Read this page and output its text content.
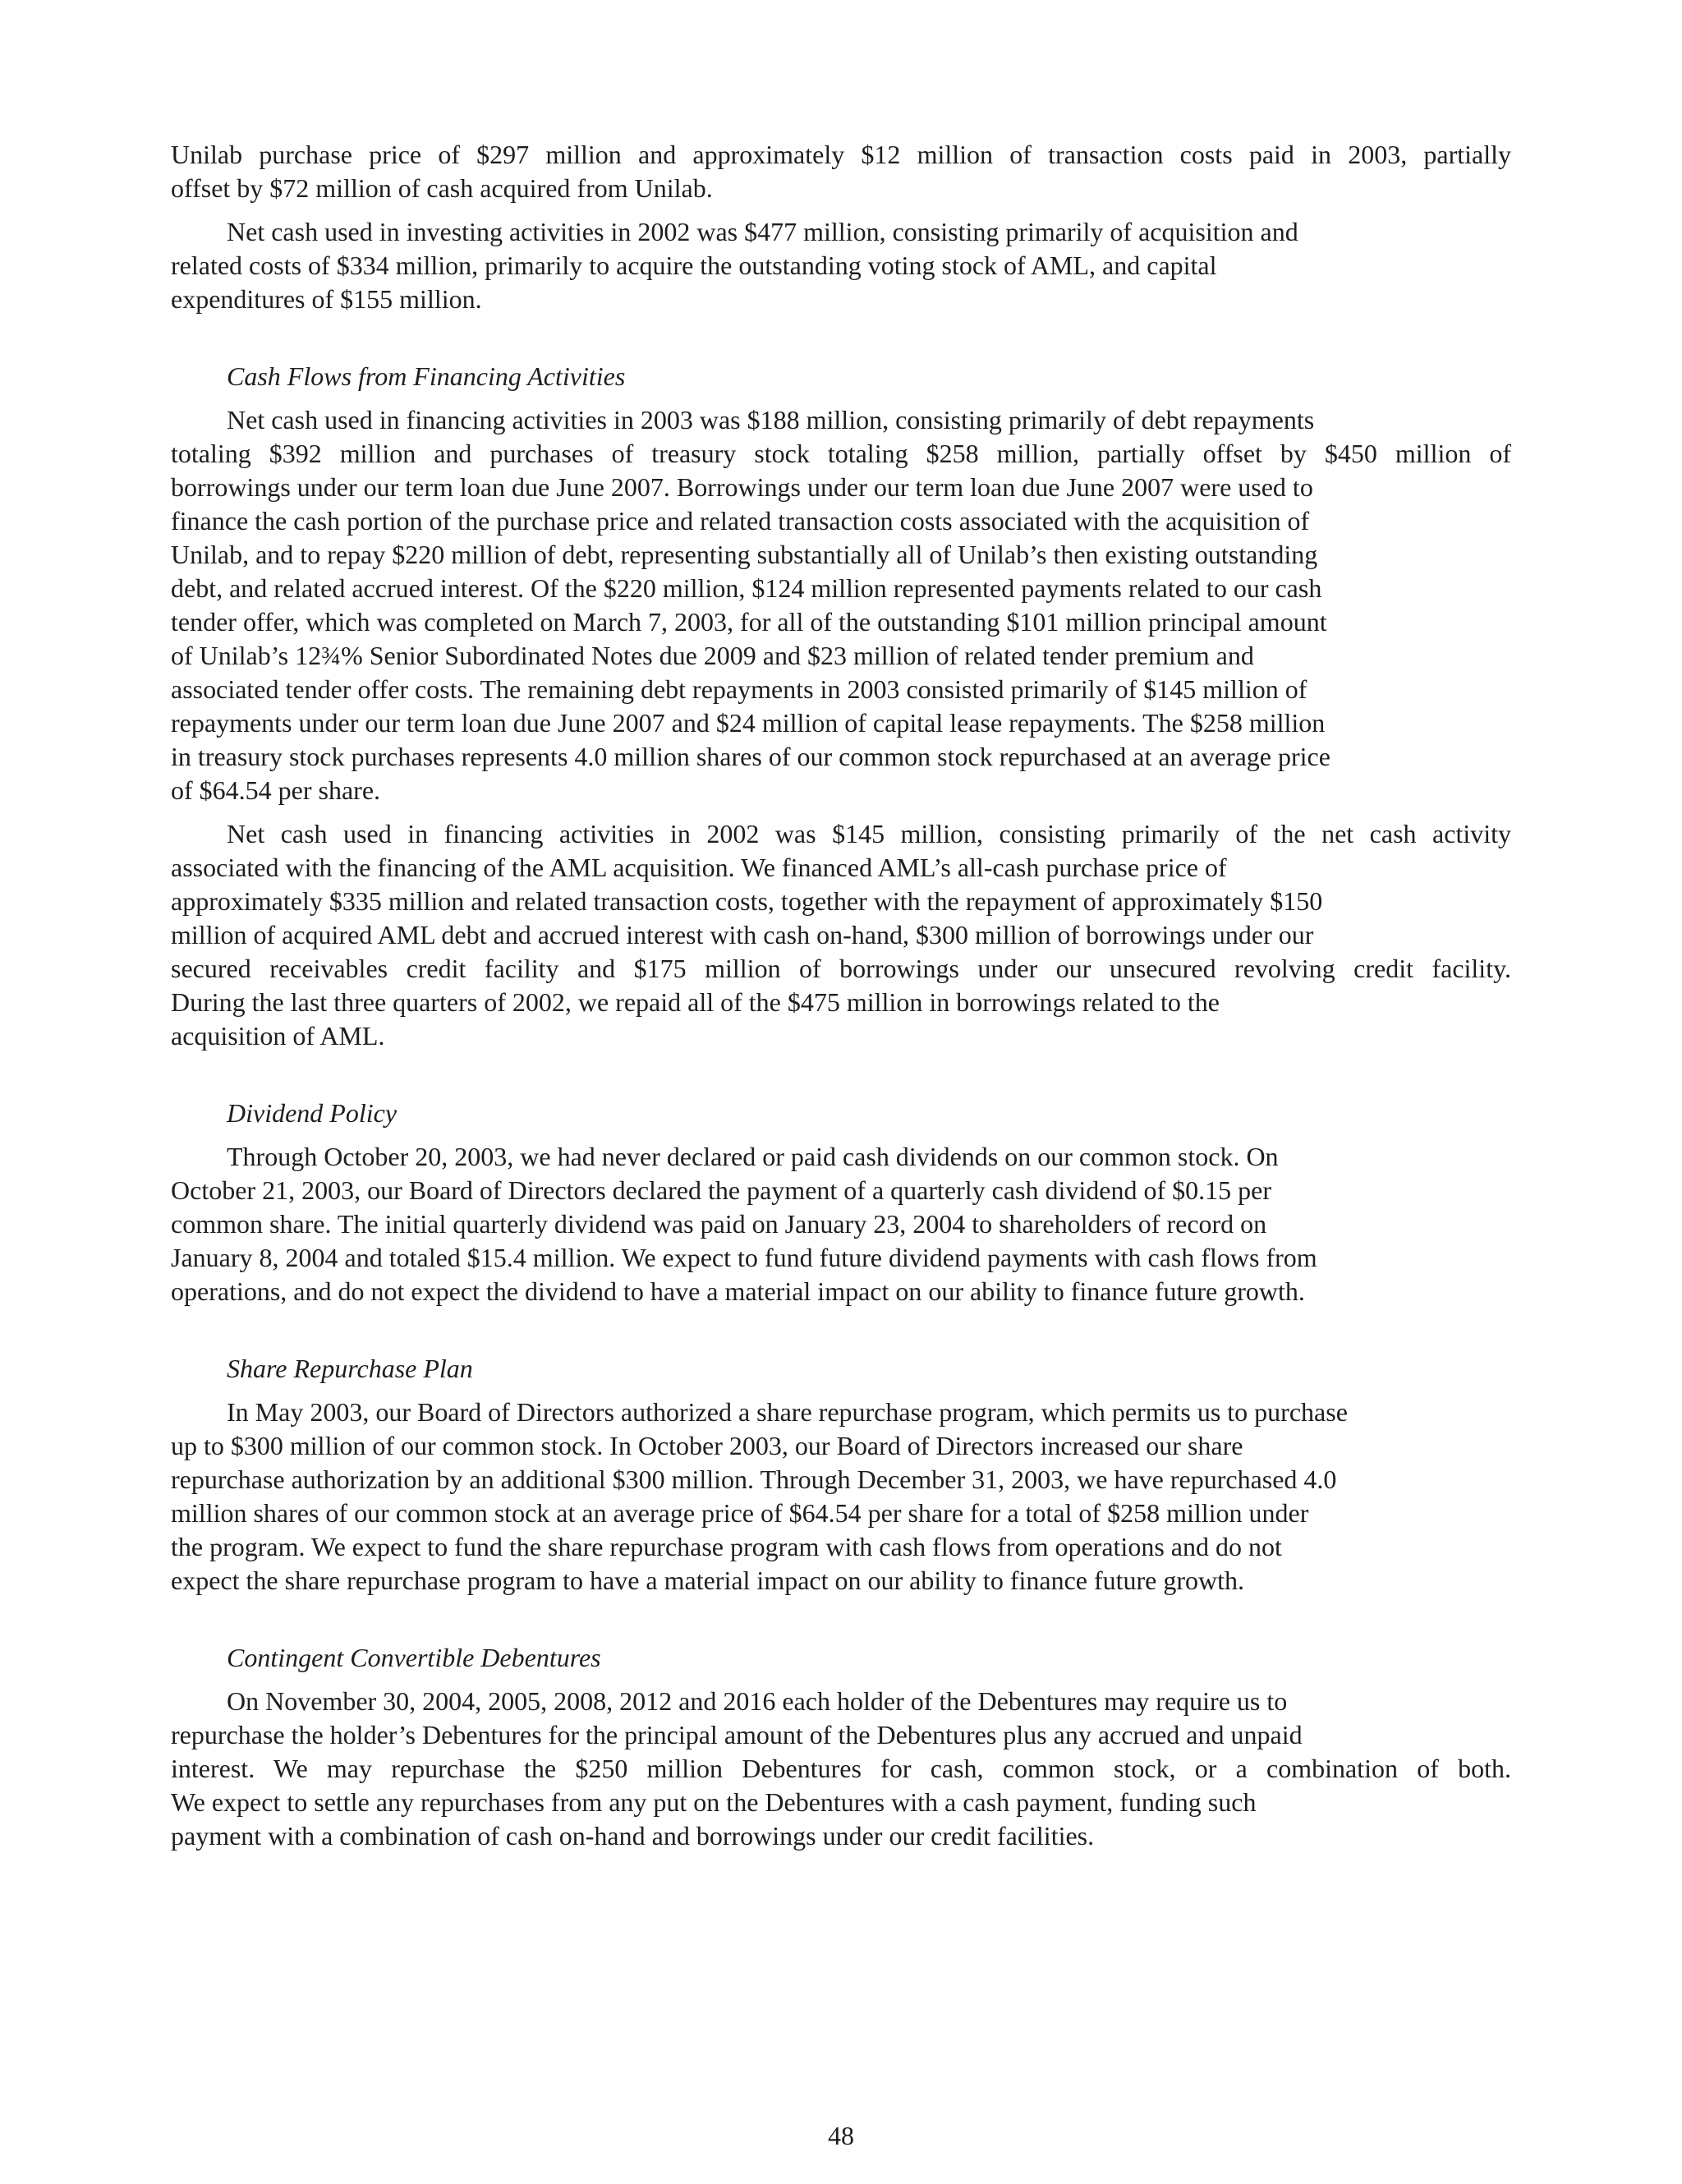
Unilab purchase price of $297 million and approximately $12 million of transaction costs paid in 2003, partially
offset by $72 million of cash acquired from Unilab.
Net cash used in investing activities in 2002 was $477 million, consisting primarily of acquisition and
related costs of $334 million, primarily to acquire the outstanding voting stock of AML, and capital
expenditures of $155 million.
Cash Flows from Financing Activities
Net cash used in financing activities in 2003 was $188 million, consisting primarily of debt repayments
totaling $392 million and purchases of treasury stock totaling $258 million, partially offset by $450 million of
borrowings under our term loan due June 2007. Borrowings under our term loan due June 2007 were used to
finance the cash portion of the purchase price and related transaction costs associated with the acquisition of
Unilab, and to repay $220 million of debt, representing substantially all of Unilab’s then existing outstanding
debt, and related accrued interest. Of the $220 million, $124 million represented payments related to our cash
tender offer, which was completed on March 7, 2003, for all of the outstanding $101 million principal amount
of Unilab’s 12¾% Senior Subordinated Notes due 2009 and $23 million of related tender premium and
associated tender offer costs. The remaining debt repayments in 2003 consisted primarily of $145 million of
repayments under our term loan due June 2007 and $24 million of capital lease repayments. The $258 million
in treasury stock purchases represents 4.0 million shares of our common stock repurchased at an average price
of $64.54 per share.
Net cash used in financing activities in 2002 was $145 million, consisting primarily of the net cash activity
associated with the financing of the AML acquisition. We financed AML’s all-cash purchase price of
approximately $335 million and related transaction costs, together with the repayment of approximately $150
million of acquired AML debt and accrued interest with cash on-hand, $300 million of borrowings under our
secured receivables credit facility and $175 million of borrowings under our unsecured revolving credit facility.
During the last three quarters of 2002, we repaid all of the $475 million in borrowings related to the
acquisition of AML.
Dividend Policy
Through October 20, 2003, we had never declared or paid cash dividends on our common stock. On
October 21, 2003, our Board of Directors declared the payment of a quarterly cash dividend of $0.15 per
common share. The initial quarterly dividend was paid on January 23, 2004 to shareholders of record on
January 8, 2004 and totaled $15.4 million. We expect to fund future dividend payments with cash flows from
operations, and do not expect the dividend to have a material impact on our ability to finance future growth.
Share Repurchase Plan
In May 2003, our Board of Directors authorized a share repurchase program, which permits us to purchase
up to $300 million of our common stock. In October 2003, our Board of Directors increased our share
repurchase authorization by an additional $300 million. Through December 31, 2003, we have repurchased 4.0
million shares of our common stock at an average price of $64.54 per share for a total of $258 million under
the program. We expect to fund the share repurchase program with cash flows from operations and do not
expect the share repurchase program to have a material impact on our ability to finance future growth.
Contingent Convertible Debentures
On November 30, 2004, 2005, 2008, 2012 and 2016 each holder of the Debentures may require us to
repurchase the holder’s Debentures for the principal amount of the Debentures plus any accrued and unpaid
interest. We may repurchase the $250 million Debentures for cash, common stock, or a combination of both.
We expect to settle any repurchases from any put on the Debentures with a cash payment, funding such
payment with a combination of cash on-hand and borrowings under our credit facilities.
48
